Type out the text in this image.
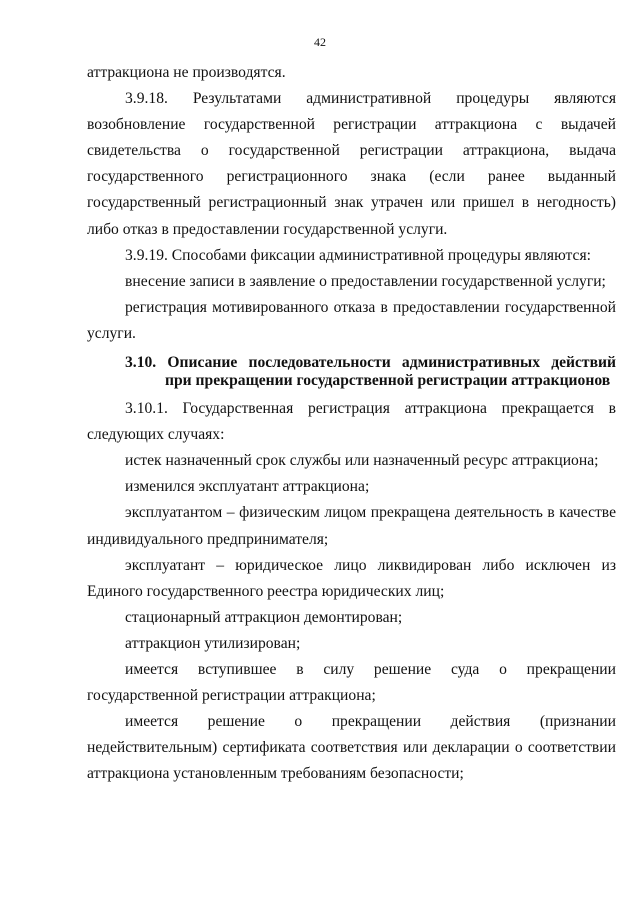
42

аттракциона не производятся.

3.9.18. Результатами административной процедуры являются возобновление государственной регистрации аттракциона с выдачей свидетельства о государственной регистрации аттракциона, выдача государственного регистрационного знака (если ранее выданный государственный регистрационный знак утрачен или пришел в негодность) либо отказ в предоставлении государственной услуги.

3.9.19. Способами фиксации административной процедуры являются:

внесение записи в заявление о предоставлении государственной услуги;

регистрация мотивированного отказа в предоставлении государственной услуги.

3.10. Описание последовательности административных действий при прекращении государственной регистрации аттракционов

3.10.1. Государственная регистрация аттракциона прекращается в следующих случаях:

истек назначенный срок службы или назначенный ресурс аттракциона;

изменился эксплуатант аттракциона;

эксплуатантом – физическим лицом прекращена деятельность в качестве индивидуального предпринимателя;

эксплуатант – юридическое лицо ликвидирован либо исключен из Единого государственного реестра юридических лиц;

стационарный аттракцион демонтирован;

аттракцион утилизирован;

имеется вступившее в силу решение суда о прекращении государственной регистрации аттракциона;

имеется решение о прекращении действия (признании недействительным) сертификата соответствия или декларации о соответствии аттракциона установленным требованиям безопасности;
